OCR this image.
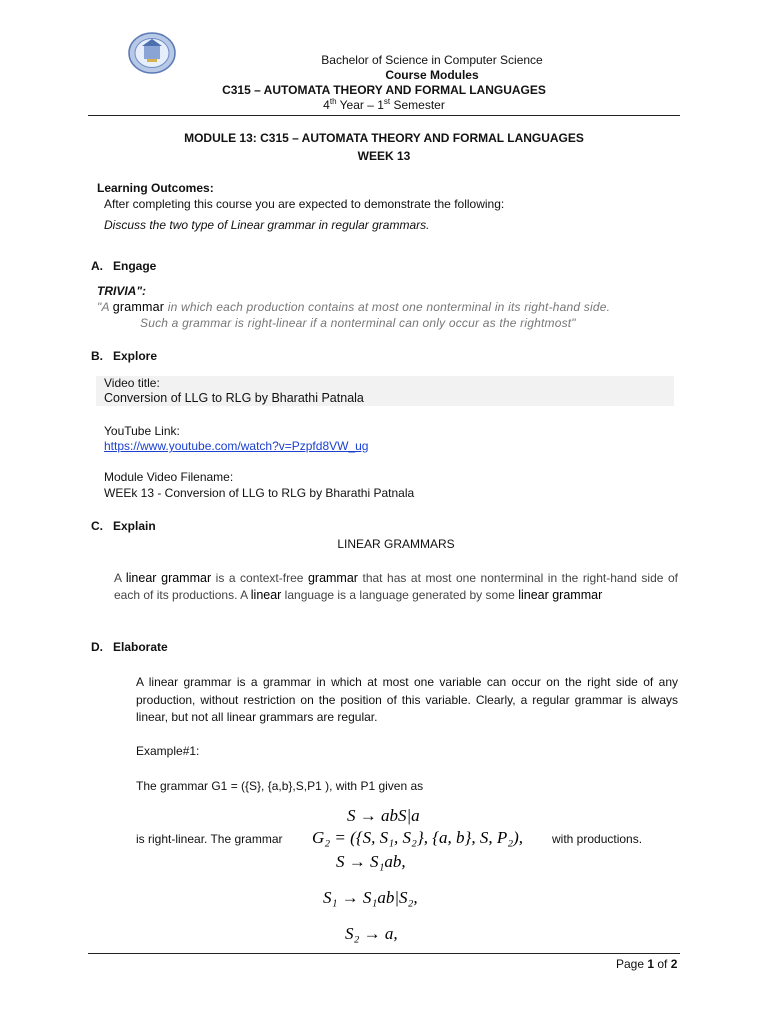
Bachelor of Science in Computer Science
Course Modules
C315 – AUTOMATA THEORY AND FORMAL LANGUAGES
4th Year – 1st Semester
MODULE 13: C315 – AUTOMATA THEORY AND FORMAL LANGUAGES
WEEK 13
Learning Outcomes:
After completing this course you are expected to demonstrate the following:
Discuss the two type of Linear grammar in regular grammars.
A. Engage
TRIVIA":
"A grammar in which each production contains at most one nonterminal in its right-hand side.
Such a grammar is right-linear if a nonterminal can only occur as the rightmost"
B. Explore
Video title:
Conversion of LLG to RLG by Bharathi Patnala
YouTube Link:
https://www.youtube.com/watch?v=Pzpfd8VW_ug
Module Video Filename:
WEEk 13 - Conversion of LLG to RLG by Bharathi Patnala
C. Explain
LINEAR GRAMMARS
A linear grammar is a context-free grammar that has at most one nonterminal in the right-hand side of each of its productions. A linear language is a language generated by some linear grammar
D. Elaborate
A linear grammar is a grammar in which at most one variable can occur on the right side of any production, without restriction on the position of this variable. Clearly, a regular grammar is always linear, but not all linear grammars are regular.
Example#1:
The grammar G1 = ({S}, {a,b},S,P1 ), with P1 given as
S → abS|a
is right-linear. The grammar G₂ = ({S, S₁, S₂}, {a, b}, S, P₂), with productions.
S → S₁ab,
S₁ → S₁ab|S₂,
S₂ → a,
Page 1 of 2
